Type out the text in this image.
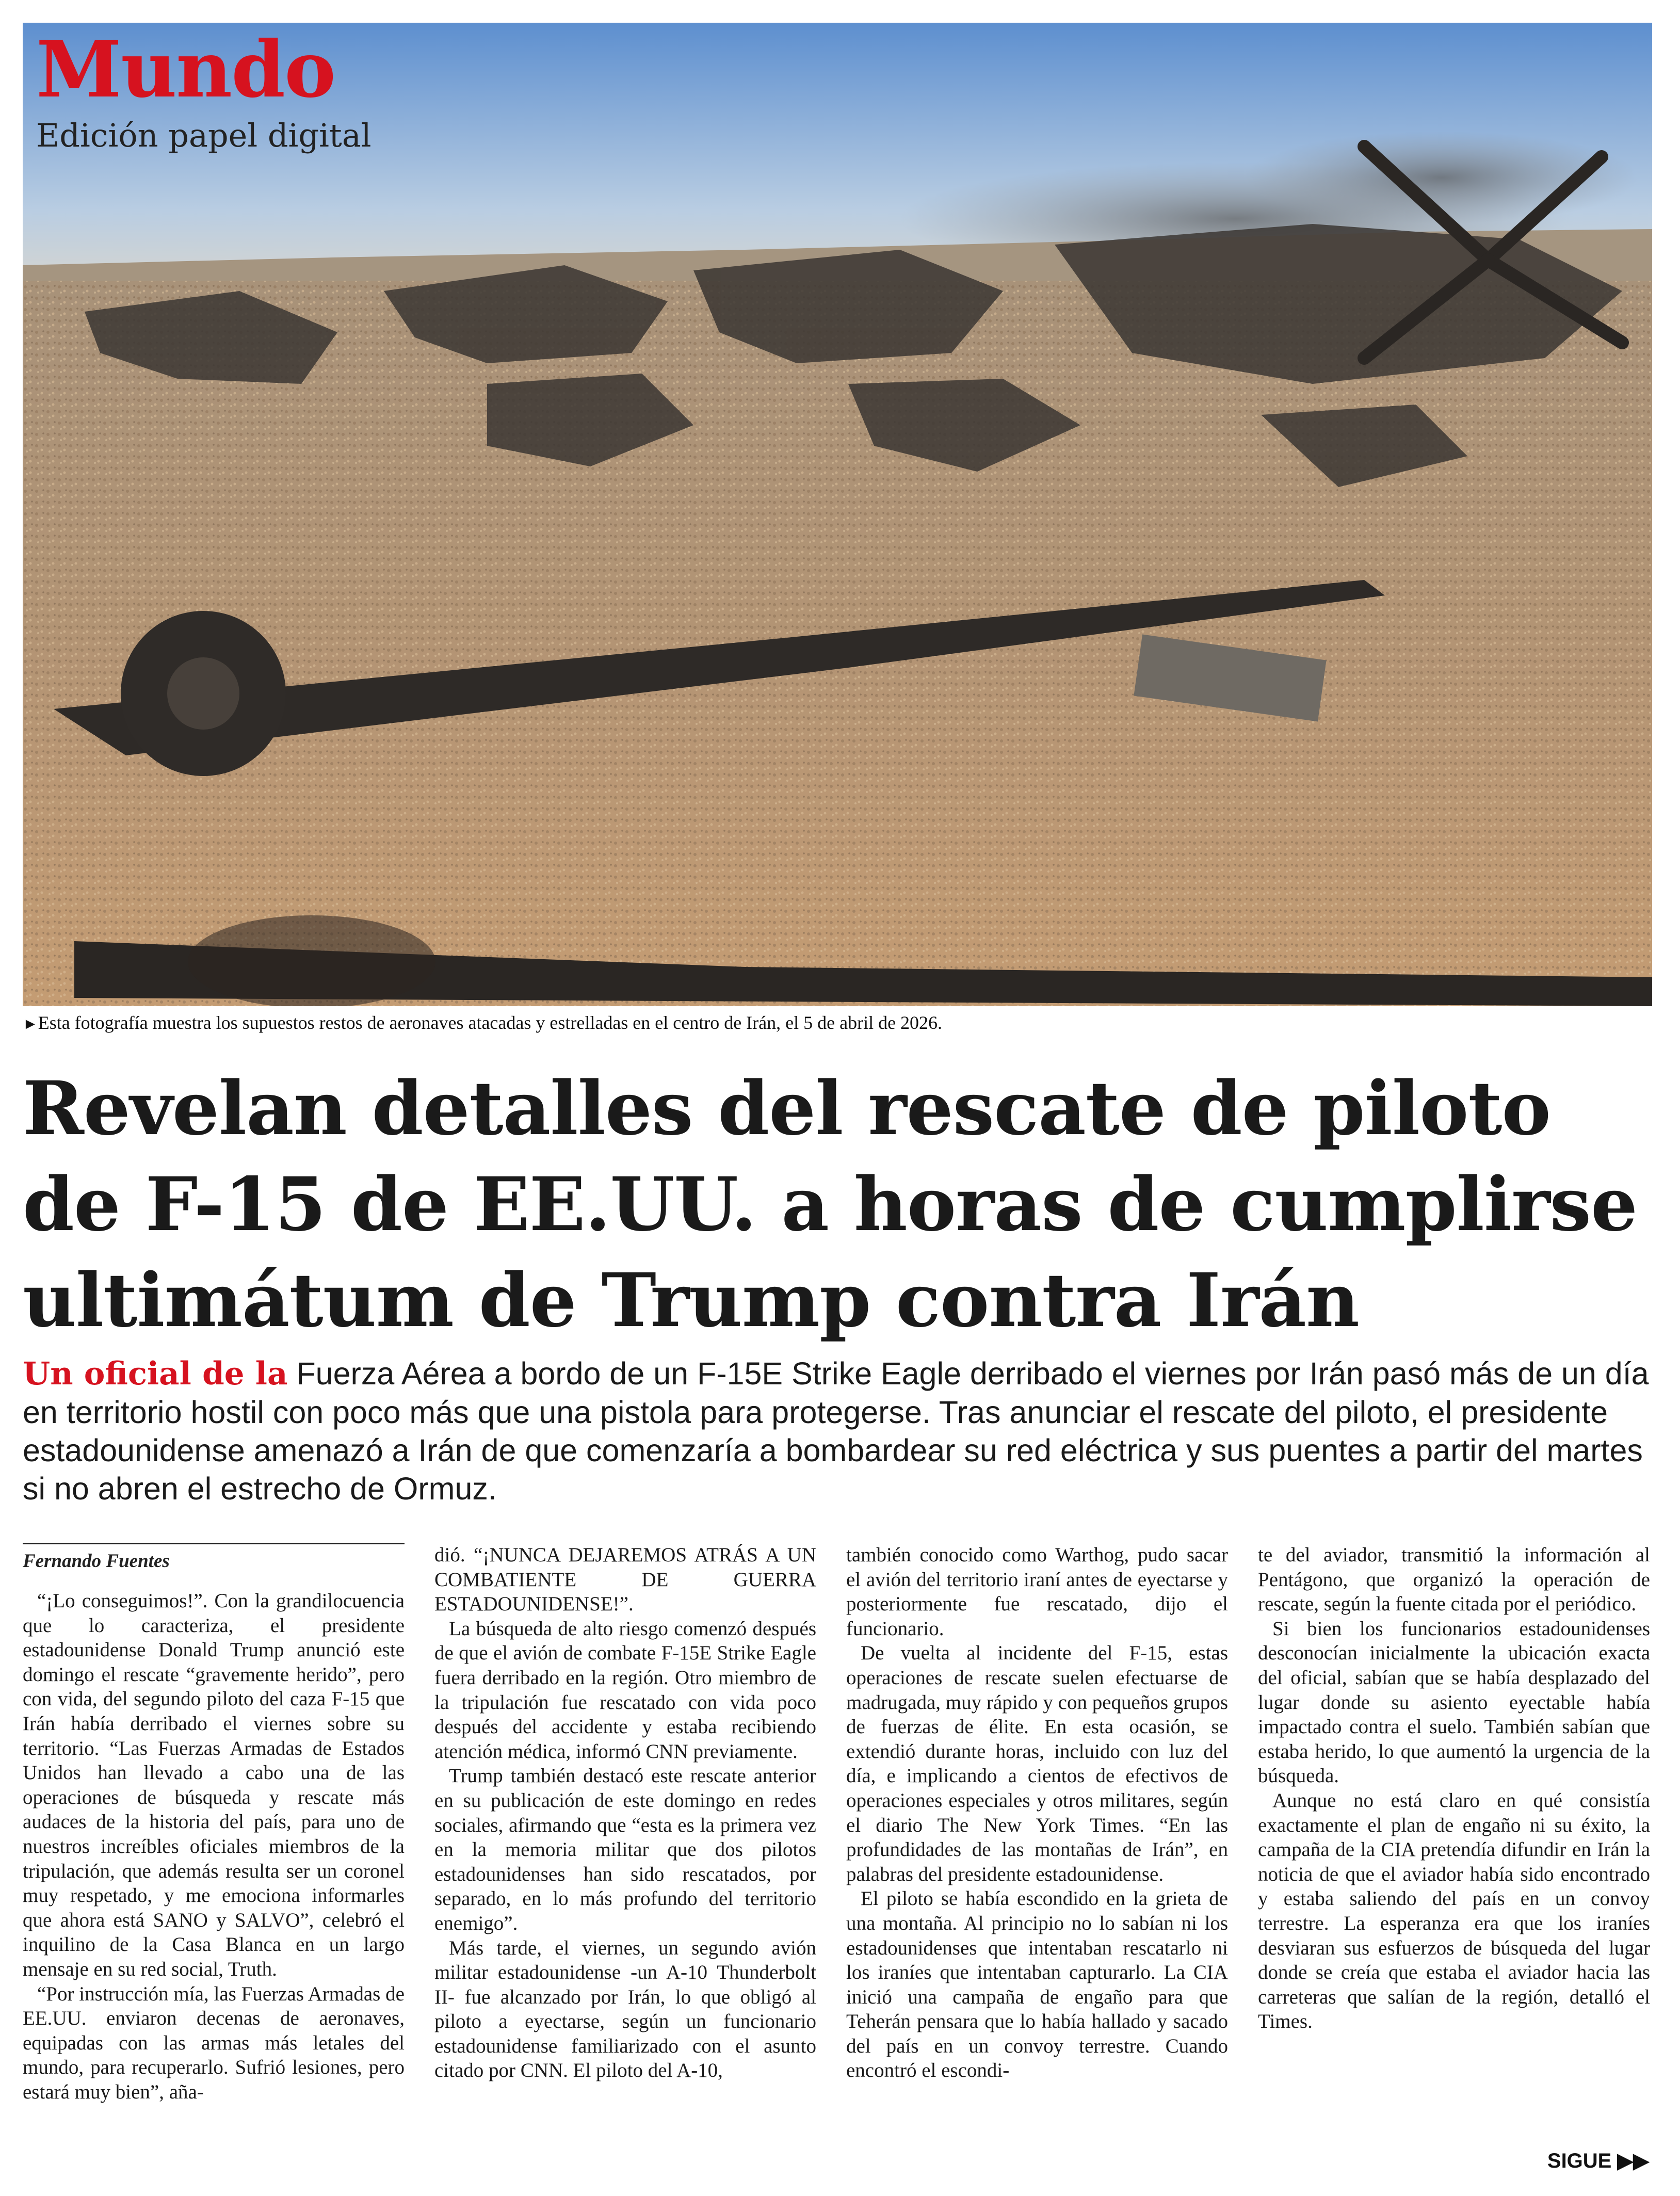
Mundo
Edición papel digital
►Esta fotografía muestra los supuestos restos de aeronaves atacadas y estrelladas en el centro de Irán, el 5 de abril de 2026.
Revelan detalles del rescate de piloto
de F-15 de EE.UU. a horas de cumplirse
ultimátum de Trump contra Irán
Un oficial de la Fuerza Aérea a bordo de un F-15E Strike Eagle derribado el viernes por Irán pasó más de un día en territorio hostil con poco más que una pistola para protegerse. Tras anunciar el rescate del piloto, el presidente estadounidense amenazó a Irán de que comenzaría a bombardear su red eléctrica y sus puentes a partir del martes si no abren el estrecho de Ormuz.
Fernando Fuentes

“¡Lo conseguimos!”. Con la grandilocuencia que lo caracteriza, el presidente estadounidense Donald Trump anunció este domingo el rescate “gravemente herido”, pero con vida, del segundo piloto del caza F-15 que Irán había derribado el viernes sobre su territorio. “Las Fuerzas Armadas de Estados Unidos han llevado a cabo una de las operaciones de búsqueda y rescate más audaces de la historia del país, para uno de nuestros increíbles oficiales miembros de la tripulación, que además resulta ser un coronel muy respetado, y me emociona informarles que ahora está SANO y SALVO”, celebró el inquilino de la Casa Blanca en un largo mensaje en su red social, Truth.

“Por instrucción mía, las Fuerzas Armadas de EE.UU. enviaron decenas de aeronaves, equipadas con las armas más letales del mundo, para recuperarlo. Sufrió lesiones, pero estará muy bien”, aña-

dió. “¡NUNCA DEJAREMOS ATRÁS A UN COMBATIENTE DE GUERRA ESTADOUNIDENSE!”.

La búsqueda de alto riesgo comenzó después de que el avión de combate F-15E Strike Eagle fuera derribado en la región. Otro miembro de la tripulación fue rescatado con vida poco después del accidente y estaba recibiendo atención médica, informó CNN previamente.

Trump también destacó este rescate anterior en su publicación de este domingo en redes sociales, afirmando que “esta es la primera vez en la memoria militar que dos pilotos estadounidenses han sido rescatados, por separado, en lo más profundo del territorio enemigo”.

Más tarde, el viernes, un segundo avión militar estadounidense -un A-10 Thunderbolt II- fue alcanzado por Irán, lo que obligó al piloto a eyectarse, según un funcionario estadounidense familiarizado con el asunto citado por CNN. El piloto del A-10,

también conocido como Warthog, pudo sacar el avión del territorio iraní antes de eyectarse y posteriormente fue rescatado, dijo el funcionario.

De vuelta al incidente del F-15, estas operaciones de rescate suelen efectuarse de madrugada, muy rápido y con pequeños grupos de fuerzas de élite. En esta ocasión, se extendió durante horas, incluido con luz del día, e implicando a cientos de efectivos de operaciones especiales y otros militares, según el diario The New York Times. “En las profundidades de las montañas de Irán”, en palabras del presidente estadounidense.

El piloto se había escondido en la grieta de una montaña. Al principio no lo sabían ni los estadounidenses que intentaban rescatarlo ni los iraníes que intentaban capturarlo. La CIA inició una campaña de engaño para que Teherán pensara que lo había hallado y sacado del país en un convoy terrestre. Cuando encontró el escondi-

te del aviador, transmitió la información al Pentágono, que organizó la operación de rescate, según la fuente citada por el periódico.

Si bien los funcionarios estadounidenses desconocían inicialmente la ubicación exacta del oficial, sabían que se había desplazado del lugar donde su asiento eyectable había impactado contra el suelo. También sabían que estaba herido, lo que aumentó la urgencia de la búsqueda.

Aunque no está claro en qué consistía exactamente el plan de engaño ni su éxito, la campaña de la CIA pretendía difundir en Irán la noticia de que el aviador había sido encontrado y estaba saliendo del país en un convoy terrestre. La esperanza era que los iraníes desviaran sus esfuerzos de búsqueda del lugar donde se creía que estaba el aviador hacia las carreteras que salían de la región, detalló el Times.

SIGUE ▶▶
